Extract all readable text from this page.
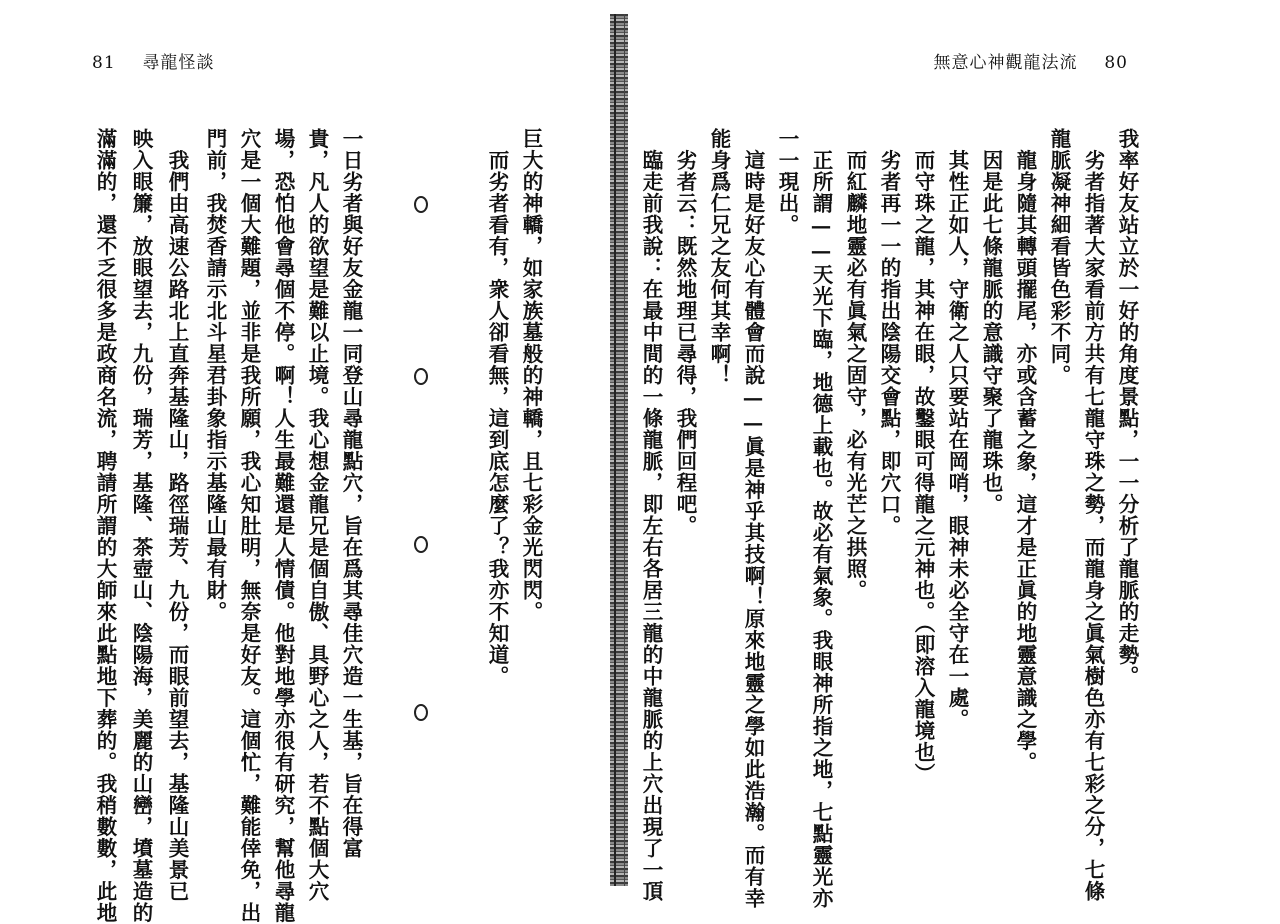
81 尋龍怪談
一日劣者與好友金龍一同登山尋龍點穴，旨在爲其尋佳穴造一生基，旨在得富
貴，凡人的欲望是難以止境。我心想金龍兄是個自傲、具野心之人，若不點個大穴
場，恐怕他會尋個不停。啊！人生最難還是人情債。他對地學亦很有研究，幫他尋龍
穴是一個大難題，並非是我所願，我心知肚明，無奈是好友。這個忙，難能倖免，出
門前，我焚香請示北斗星君卦象指示基隆山最有財。
　我們由高速公路北上直奔基隆山，路徑瑞芳、九份，而眼前望去，基隆山美景已
映入眼簾，放眼望去，九份，瑞芳，基隆、茶壺山、陰陽海，美麗的山巒，墳墓造的
滿滿的，還不乏很多是政商名流，聘請所謂的大師來此點地下葬的。我稍數數，此地
無意心神觀龍法流 80
我率好友站立於一好的角度景點，一一分析了龍脈的走勢。
　劣者指著大家看前方共有七龍守珠之勢，而龍身之眞氣樹色亦有七彩之分，七條
龍脈凝神細看皆色彩不同。
　龍身隨其轉頭擺尾，亦或含蓄之象，這才是正眞的地靈意識之學。
　因是此七條龍脈的意識守聚了龍珠也。
　其性正如人，守衛之人只要站在岡哨，眼神未必全守在一處。
　而守珠之龍，其神在眼，故鑿眼可得龍之元神也。（即溶入龍境也）
　劣者再一一的指出陰陽交會點，即穴口。
　而紅麟地靈必有眞氣之固守，必有光芒之拱照。
　正所謂——天光下臨，地德上載也。故必有氣象。我眼神所指之地，七點靈光亦
一一現出。
　這時是好友心有體會而說——眞是神乎其技啊！原來地靈之學如此浩瀚。而有幸
能身爲仁兄之友何其幸啊！
　劣者云：既然地理已尋得，我們回程吧。
　臨走前我說：在最中間的一條龍脈，即左右各居三龍的中龍脈的上穴出現了一頂
巨大的神轎，如家族墓般的神轎，且七彩金光閃閃。
　而劣者看有，衆人卻看無，這到底怎麼了？我亦不知道。
